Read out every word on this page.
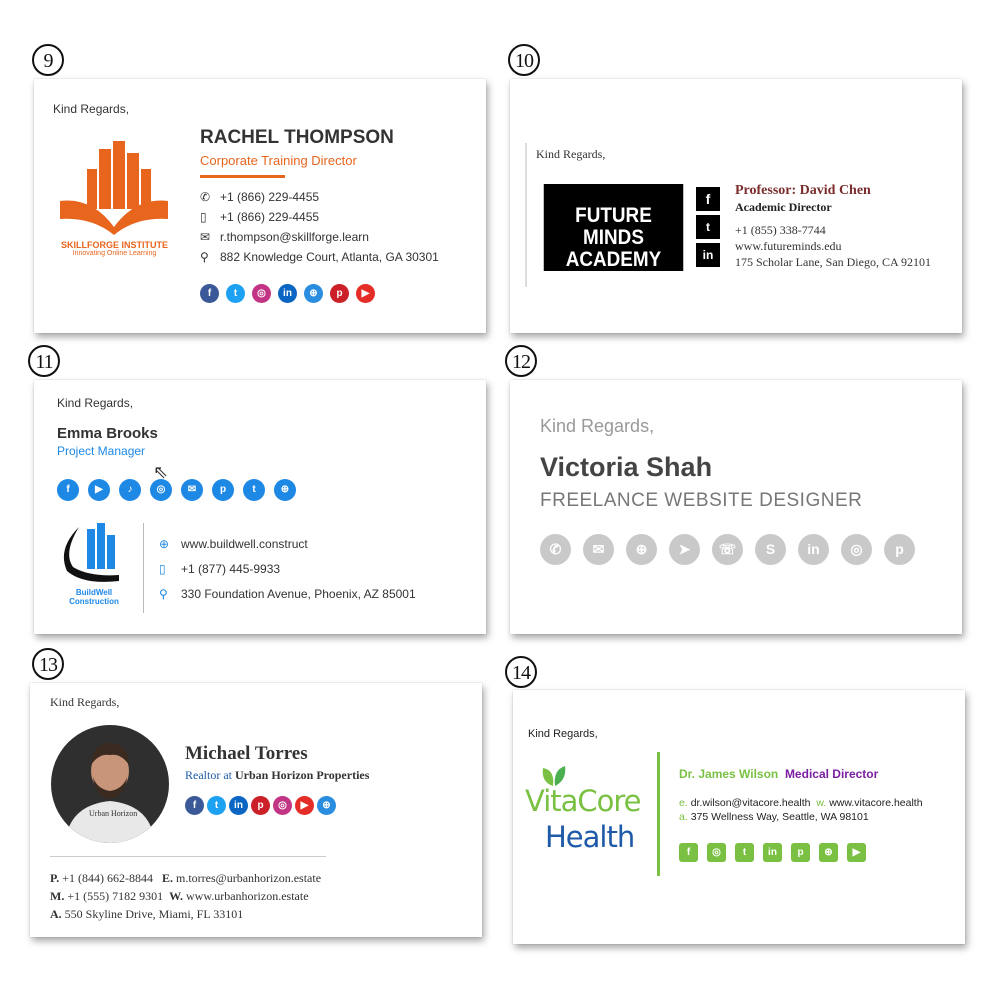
9
Kind Regards,
SKILLFORGE INSTITUTE
Innovating Online Learning
RACHEL THOMPSON
Corporate Training Director
✆ +1 (866) 229-4455
▯	+1 (866) 229-4455
✉ r.thompson@skillforge.learn
⚲ 882 Knowledge Court, Atlanta, GA 30301
f t ◎ in ⊕ p ▶
10
Kind Regards,
FUTURE MINDS
ACADEMY
f
t
in
Professor: David Chen
Academic Director
+1 (855) 338-7744
www.futureminds.edu
175 Scholar Lane, San Diego, CA 92101
11
Kind Regards,
Emma Brooks
Project Manager
f	▶ ♪ ◎ ✉ p	t	⊕
⇖
BuildWell
Construction
⊕ www.buildwell.construct
▯	+1 (877) 445-9933
⚲	330 Foundation Avenue, Phoenix, AZ 85001
12
Kind Regards,
Victoria Shah
FREELANCE WEBSITE DESIGNER
✆ ✉ ⊕ ➤ ☏ S in ◎ p
13
Kind Regards,
Urban Horizon
Michael Torres
Realtor at Urban Horizon Properties
f t in p ◎ ▶ ⊕
P. +1 (844) 662-8844 E. m.torres@urbanhorizon.estate
M. +1 (555) 7182 9301 W. www.urbanhorizon.estate
A. 550 Skyline Drive, Miami, FL 33101
14
Kind Regards,
VitaCore
Health
Dr. James Wilson Medical Director
e. dr.wilson@vitacore.health w. www.vitacore.health
a. 375 Wellness Way, Seattle, WA 98101
f ◎ t in p ⊕ ▶
